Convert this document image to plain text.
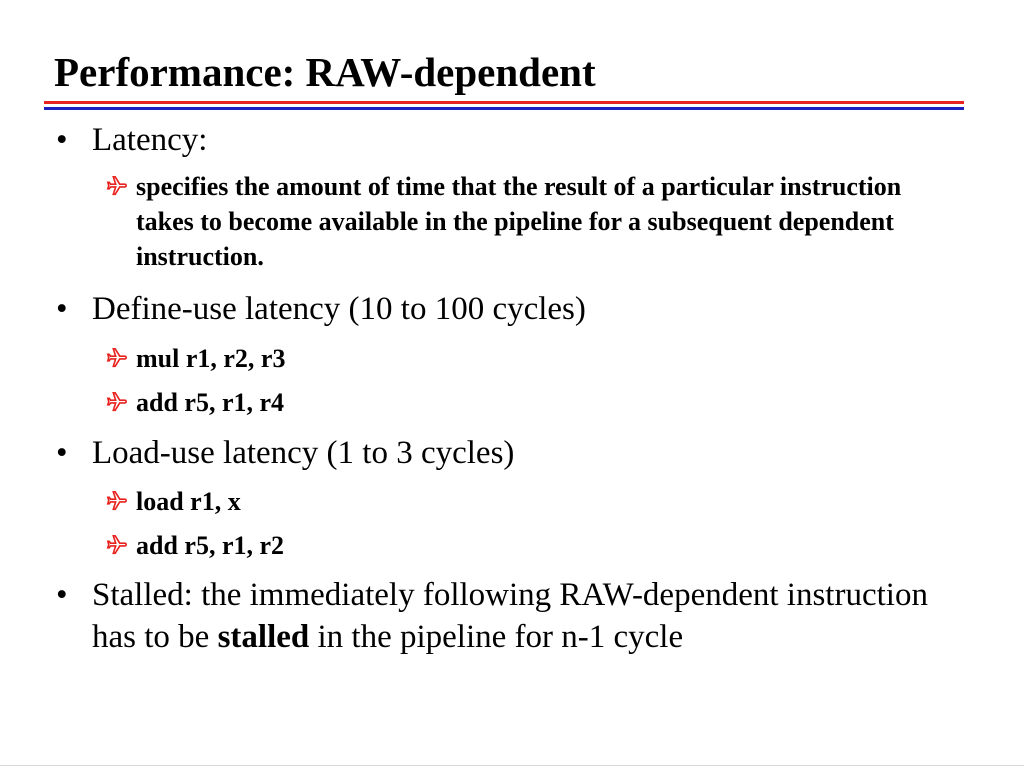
Performance: RAW-dependent
• Latency:
specifies the amount of time that the result of a particular instruction takes to become available in the pipeline for a subsequent dependent instruction.
• Define-use latency (10 to 100 cycles)
mul r1, r2, r3
add r5, r1, r4
• Load-use latency (1 to 3 cycles)
load r1, x
add r5, r1, r2
• Stalled: the immediately following RAW-dependent instruction has to be stalled in the pipeline for n-1 cycle
